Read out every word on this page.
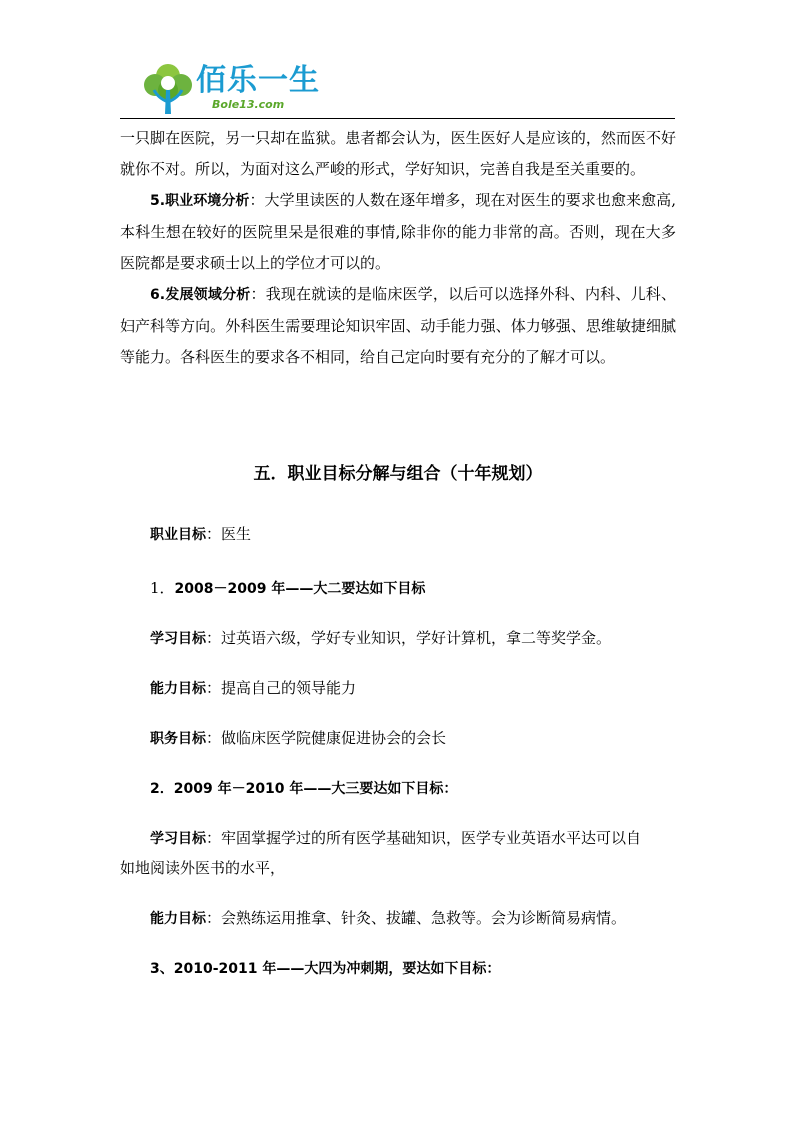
佰乐一生
Bole13.com

一只脚在医院，另一只却在监狱。患者都会认为，医生医好人是应该的，然而医不好就你不对。所以，为面对这么严峻的形式，学好知识，完善自我是至关重要的。

5.职业环境分析：大学里读医的人数在逐年增多，现在对医生的要求也愈来愈高,本科生想在较好的医院里呆是很难的事情,除非你的能力非常的高。否则，现在大多医院都是要求硕士以上的学位才可以的。

6.发展领域分析：我现在就读的是临床医学，以后可以选择外科、内科、儿科、妇产科等方向。外科医生需要理论知识牢固、动手能力强、体力够强、思维敏捷细腻等能力。各科医生的要求各不相同，给自己定向时要有充分的了解才可以。

五．职业目标分解与组合（十年规划）
职业目标：医生
1．2008－2009 年——大二要达如下目标
学习目标：过英语六级，学好专业知识，学好计算机，拿二等奖学金。
能力目标：提高自己的领导能力
职务目标：做临床医学院健康促进协会的会长
2．2009 年－2010 年——大三要达如下目标：
学习目标：牢固掌握学过的所有医学基础知识，医学专业英语水平达可以自
如地阅读外医书的水平，
能力目标：会熟练运用推拿、针灸、拔罐、急救等。会为诊断简易病情。
3、2010-2011 年——大四为冲刺期，要达如下目标：
